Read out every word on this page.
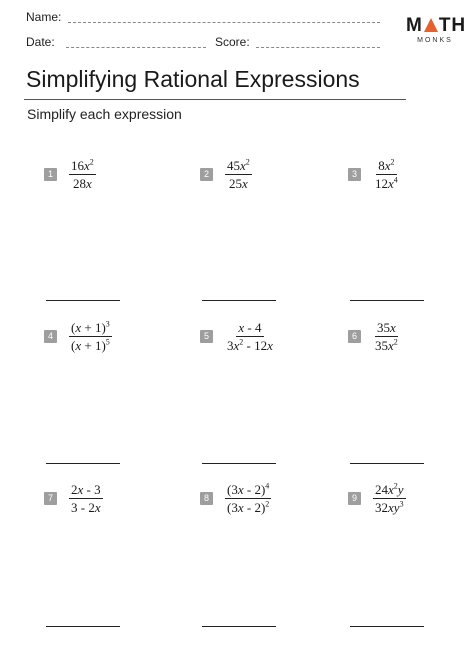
Name:
Date:	Score:
M TH
MONKS
Simplifying Rational Expressions
Simplify each expression
1	$\frac{16x^2}{28x}$	2	$\frac{45x^2}{25x}$	3	$\frac{8x^2}{12x^4}$
4	$\frac{(x + 1)^3}{(x + 1)^5}$	5	$\frac{x - 4}{3x^2 - 12x}$	6	$\frac{35x}{35x^2}$
7	$\frac{2x - 3}{3 - 2x}$	8	$\frac{(3x - 2)^4}{(3x - 2)^2}$	9	$\frac{24x^2y}{32xy^3}$
